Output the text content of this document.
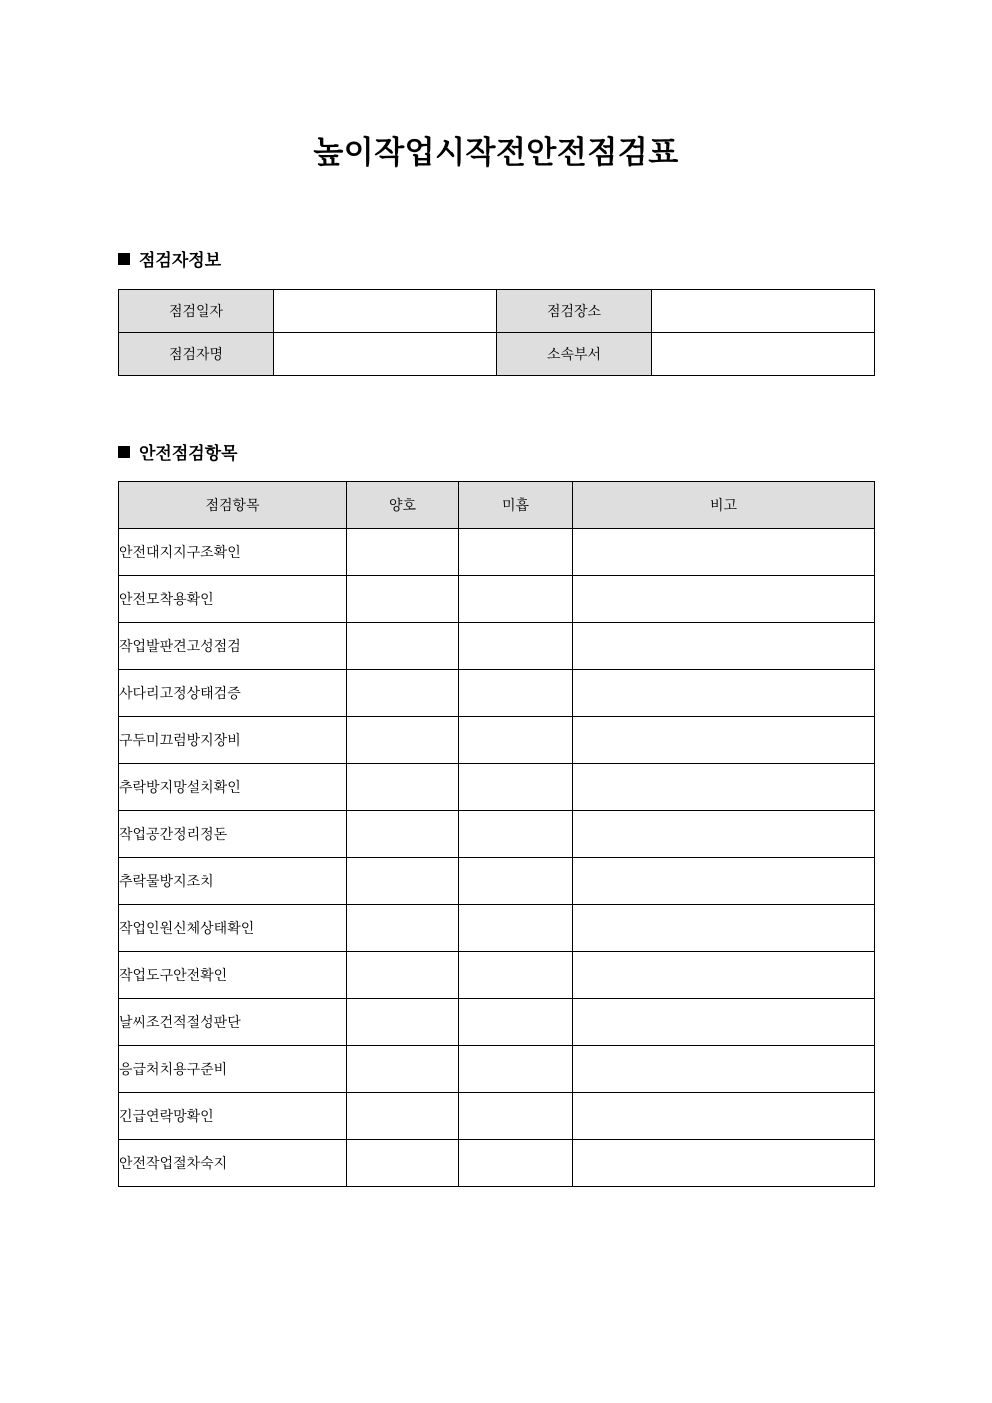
높이작업시작전안전점검표
점검자정보
점검일자		점검장소	
점검자명		소속부서	
안전점검항목
점검항목	양호	미흡	비고
안전대지지구조확인			
안전모착용확인			
작업발판견고성점검			
사다리고정상태검증			
구두미끄럼방지장비			
추락방지망설치확인			
작업공간정리정돈			
추락물방지조치			
작업인원신체상태확인			
작업도구안전확인			
날씨조건적절성판단			
응급처치용구준비			
긴급연락망확인			
안전작업절차숙지			
